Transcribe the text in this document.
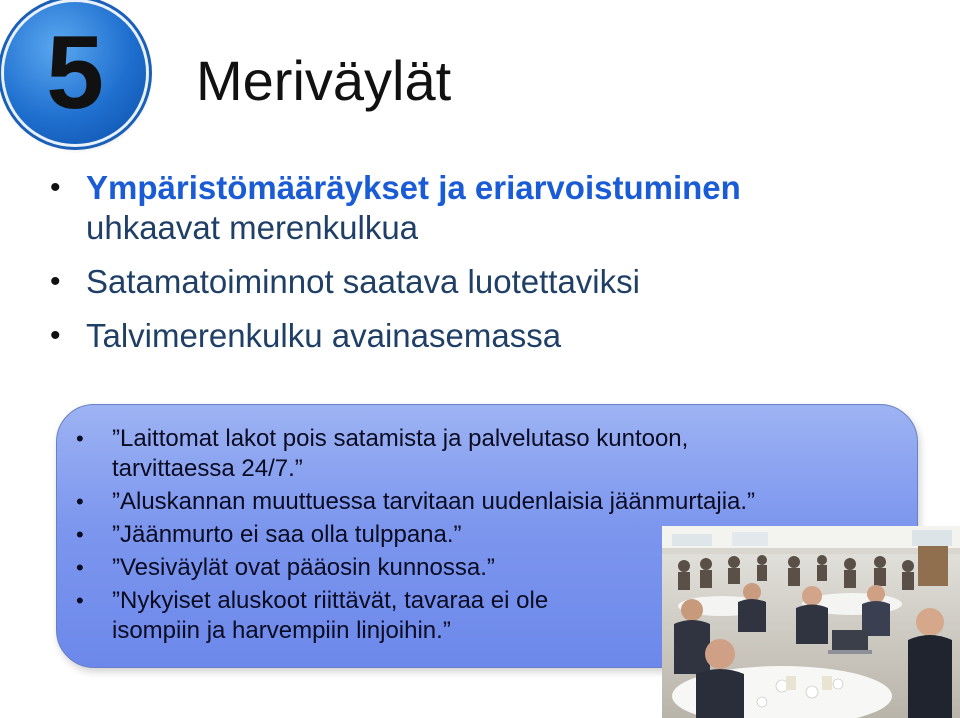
5 Meriväylät
• Ympäristömääräykset ja eriarvoistuminen
uhkaavat merenkulkua
• Satamatoiminnot saatava luotettaviksi
• Talvimerenkulku avainasemassa
• ”Laittomat lakot pois satamista ja palvelutaso kuntoon,
tarvittaessa 24/7.”
• ”Aluskannan muuttuessa tarvitaan uudenlaisia jäänmurtajia.”
• ”Jäänmurto ei saa olla tulppana.”
• ”Vesiväylät ovat pääosin kunnossa.”
• ”Nykyiset aluskoot riittävät, tavaraa ei ole
isompiin ja harvempiin linjoihin.”
